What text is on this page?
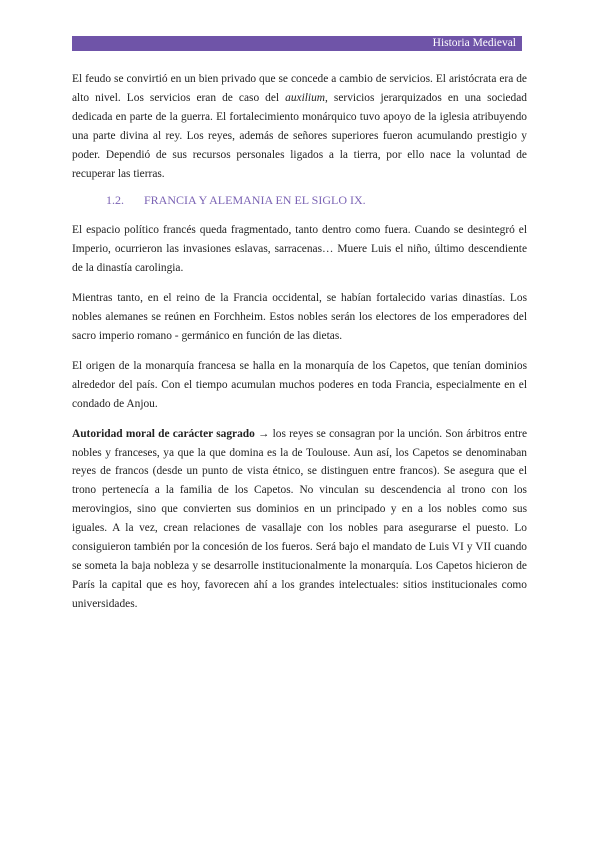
Historia Medieval

El feudo se convirtió en un bien privado que se concede a cambio de servicios. El aristócrata era de alto nivel. Los servicios eran de caso del auxilium, servicios jerarquizados en una sociedad dedicada en parte de la guerra. El fortalecimiento monárquico tuvo apoyo de la iglesia atribuyendo una parte divina al rey. Los reyes, además de señores superiores fueron acumulando prestigio y poder. Dependió de sus recursos personales ligados a la tierra, por ello nace la voluntad de recuperar las tierras.

1.2. FRANCIA Y ALEMANIA EN EL SIGLO IX.

El espacio político francés queda fragmentado, tanto dentro como fuera. Cuando se desintegró el Imperio, ocurrieron las invasiones eslavas, sarracenas… Muere Luis el niño, último descendiente de la dinastía carolingia.

Mientras tanto, en el reino de la Francia occidental, se habían fortalecido varias dinastías. Los nobles alemanes se reúnen en Forchheim. Estos nobles serán los electores de los emperadores del sacro imperio romano - germánico en función de las dietas.

El origen de la monarquía francesa se halla en la monarquía de los Capetos, que tenían dominios alrededor del país. Con el tiempo acumulan muchos poderes en toda Francia, especialmente en el condado de Anjou.

Autoridad moral de carácter sagrado → los reyes se consagran por la unción. Son árbitros entre nobles y franceses, ya que la que domina es la de Toulouse. Aun así, los Capetos se denominaban reyes de francos (desde un punto de vista étnico, se distinguen entre francos). Se asegura que el trono pertenecía a la familia de los Capetos. No vinculan su descendencia al trono con los merovingios, sino que convierten sus dominios en un principado y en a los nobles como sus iguales. A la vez, crean relaciones de vasallaje con los nobles para asegurarse el puesto. Lo consiguieron también por la concesión de los fueros. Será bajo el mandato de Luis VI y VII cuando se someta la baja nobleza y se desarrolle institucionalmente la monarquía. Los Capetos hicieron de París la capital que es hoy, favorecen ahí a los grandes intelectuales: sitios institucionales como universidades.
